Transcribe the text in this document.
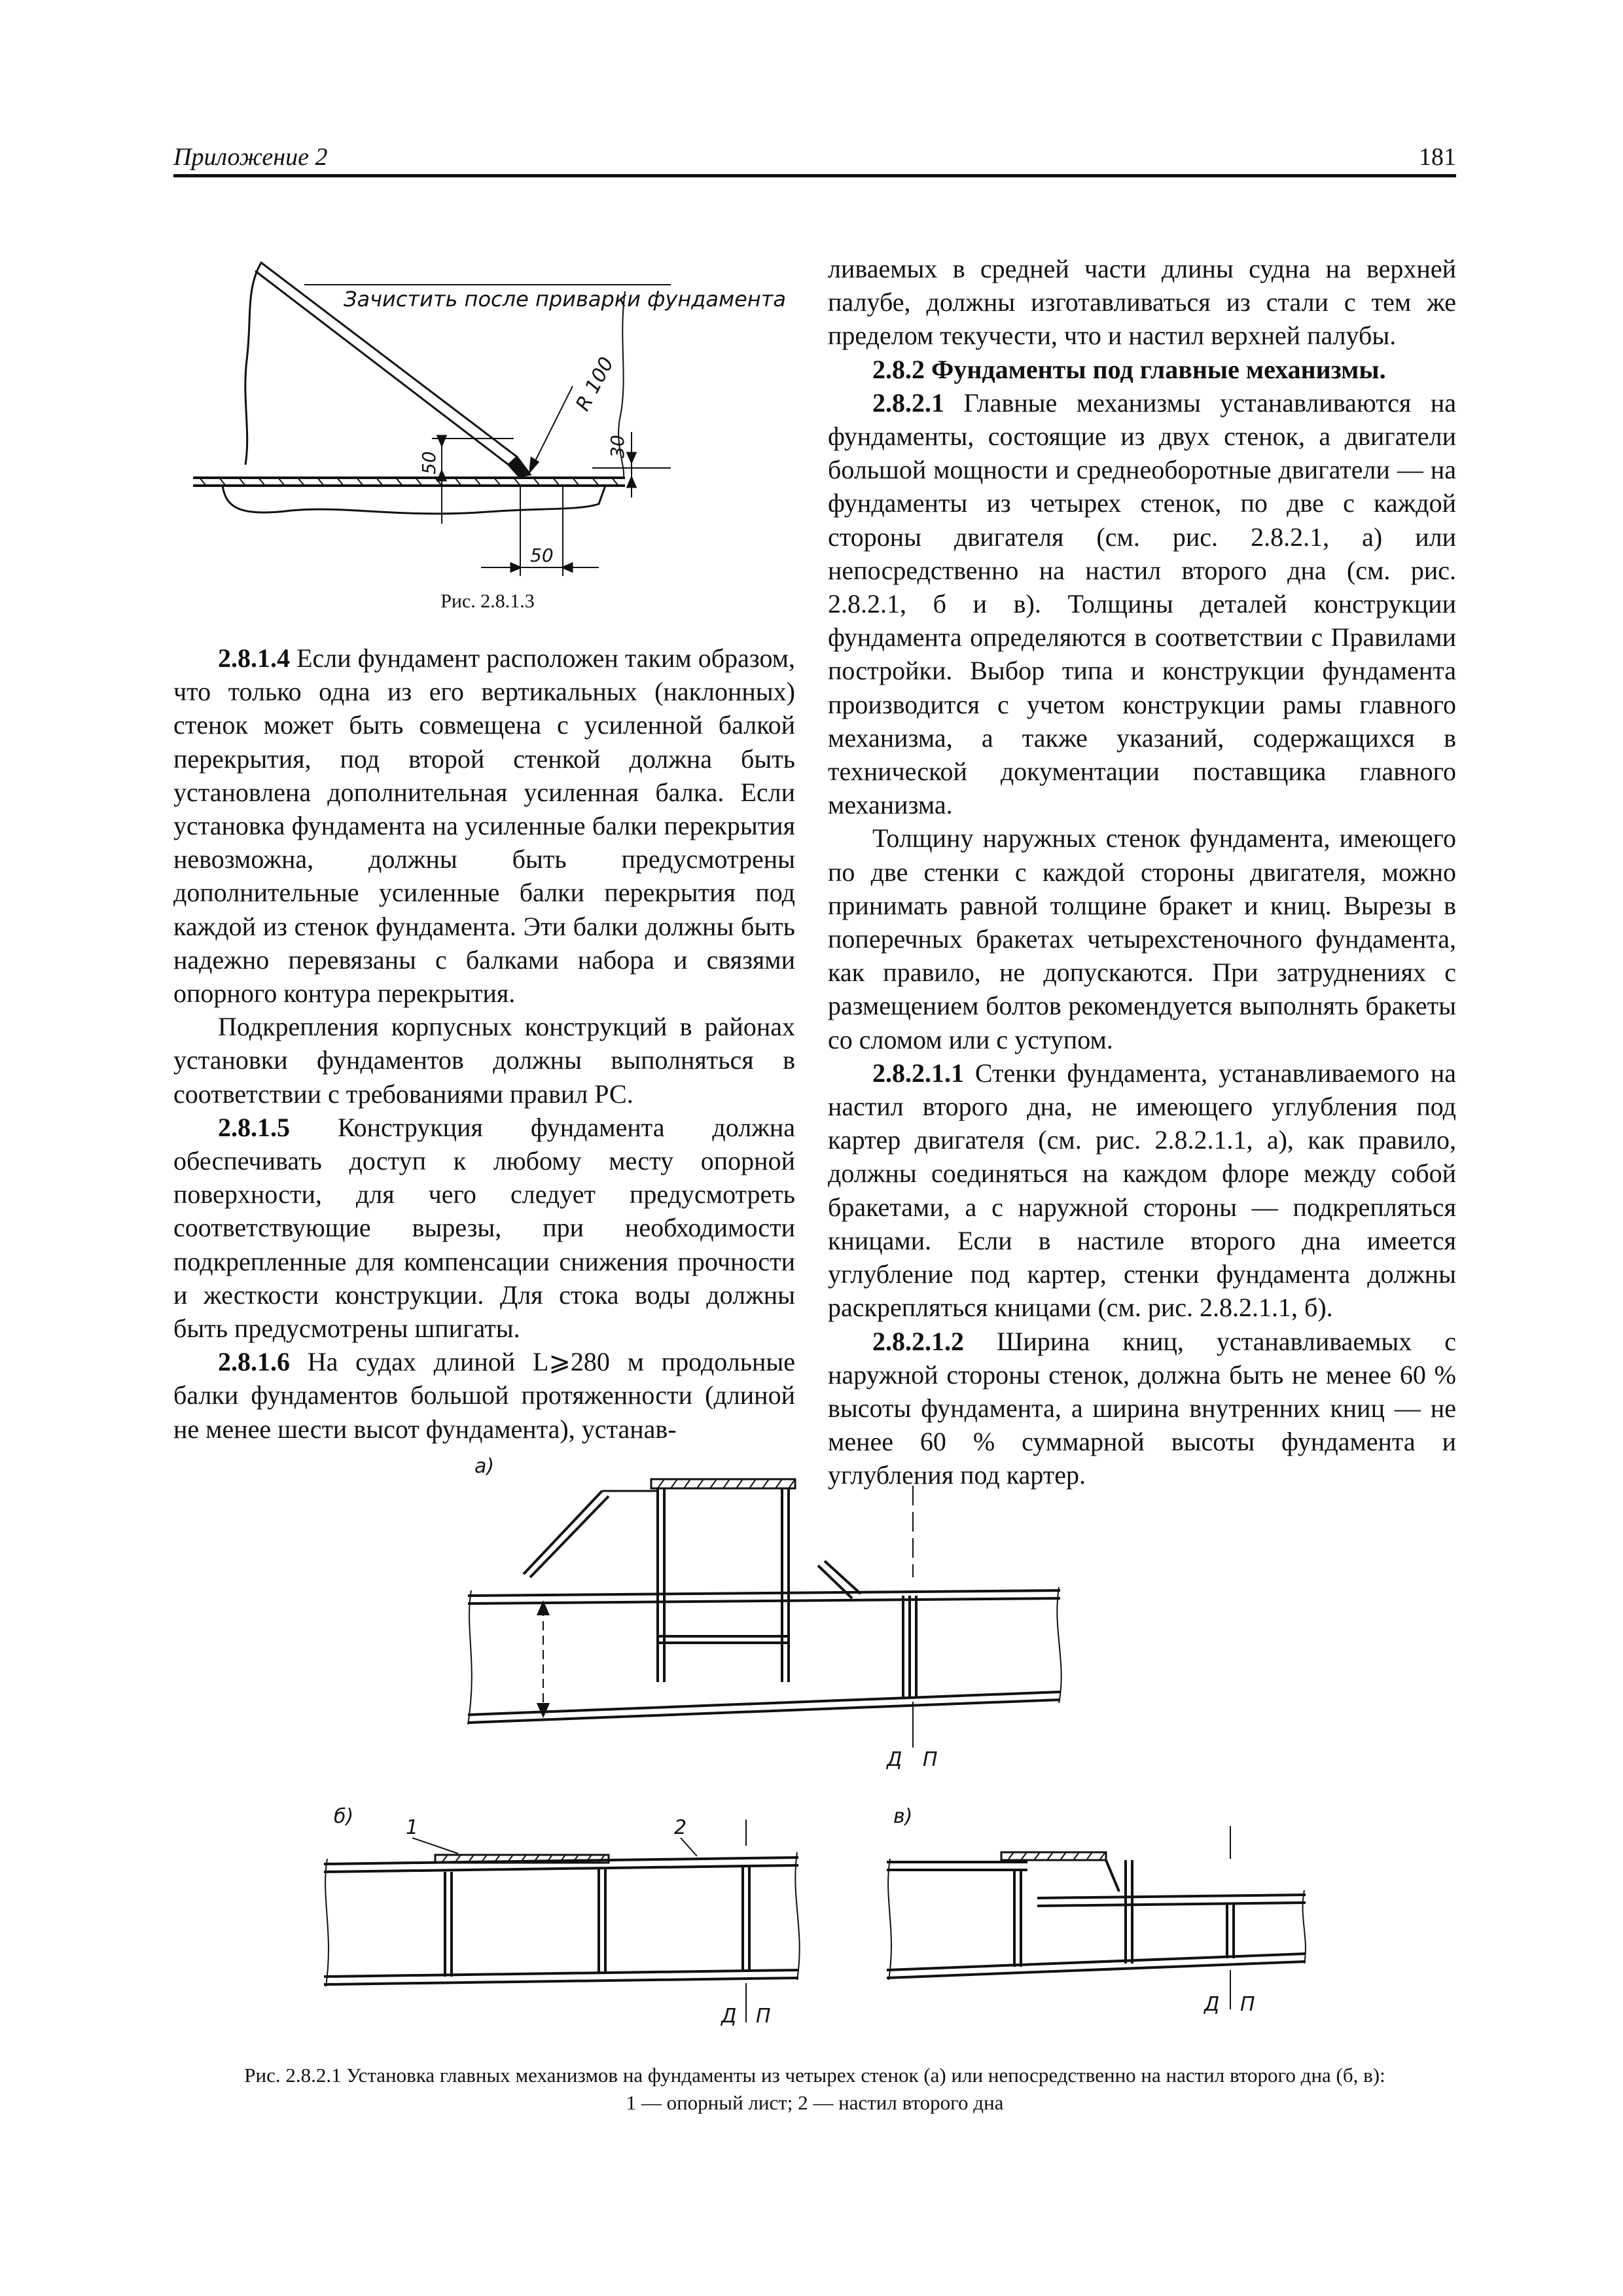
Приложение 2	181
Зачистить после приварки фундамента
R 100
50
30
50
Рис. 2.8.1.3

2.8.1.4 Если фундамент расположен таким образом, что только одна из его вертикальных (наклонных) стенок может быть совмещена с усиленной балкой перекрытия, под второй стенкой должна быть установлена дополнительная усиленная балка. Если установка фундамента на усиленные балки перекрытия невозможна, должны быть предусмотрены дополнительные усиленные балки перекрытия под каждой из стенок фундамента. Эти балки должны быть надежно перевязаны с балками набора и связями опорного контура перекрытия.

Подкрепления корпусных конструкций в районах установки фундаментов должны выполняться в соответствии с требованиями правил РС.

2.8.1.5 Конструкция фундамента должна обеспечивать доступ к любому месту опорной поверхности, для чего следует предусмотреть соответствующие вырезы, при необходимости подкрепленные для компенсации снижения прочности и жесткости конструкции. Для стока воды должны быть предусмотрены шпигаты.

2.8.1.6 На судах длиной L⩾280 м продольные балки фундаментов большой протяженности (длиной не менее шести высот фундамента), устанав-

ливаемых в средней части длины судна на верхней палубе, должны изготавливаться из стали с тем же пределом текучести, что и настил верхней палубы.

2.8.2 Фундаменты под главные механизмы.

2.8.2.1 Главные механизмы устанавливаются на фундаменты, состоящие из двух стенок, а двигатели большой мощности и среднеоборотные двигатели — на фундаменты из четырех стенок, по две с каждой стороны двигателя (см. рис. 2.8.2.1, а) или непосредственно на настил второго дна (см. рис. 2.8.2.1, б и в). Толщины деталей конструкции фундамента определяются в соответствии с Правилами постройки. Выбор типа и конструкции фундамента производится с учетом конструкции рамы главного механизма, а также указаний, содержащихся в технической документации поставщика главного механизма.

Толщину наружных стенок фундамента, имеющего по две стенки с каждой стороны двигателя, можно принимать равной толщине бракет и книц. Вырезы в поперечных бракетах четырехстеночного фундамента, как правило, не допускаются. При затруднениях с размещением болтов рекомендуется выполнять бракеты со сломом или с уступом.

2.8.2.1.1 Стенки фундамента, устанавливаемого на настил второго дна, не имеющего углубления под картер двигателя (см. рис. 2.8.2.1.1, а), как правило, должны соединяться на каждом флоре между собой бракетами, а с наружной стороны — подкрепляться кницами. Если в настиле второго дна имеется углубление под картер, стенки фундамента должны раскрепляться кницами (см. рис. 2.8.2.1.1, б).

2.8.2.1.2 Ширина книц, устанавливаемых с наружной стороны стенок, должна быть не менее 60 % высоты фундамента, а ширина внутренних книц — не менее 60 % суммарной высоты фундамента и углубления под картер.

а)
б)	в)
1	2
Д П
Д П
Д П
Рис. 2.8.2.1 Установка главных механизмов на фундаменты из четырех стенок (а) или непосредственно на настил второго дна (б, в):
1 — опорный лист; 2 — настил второго дна
